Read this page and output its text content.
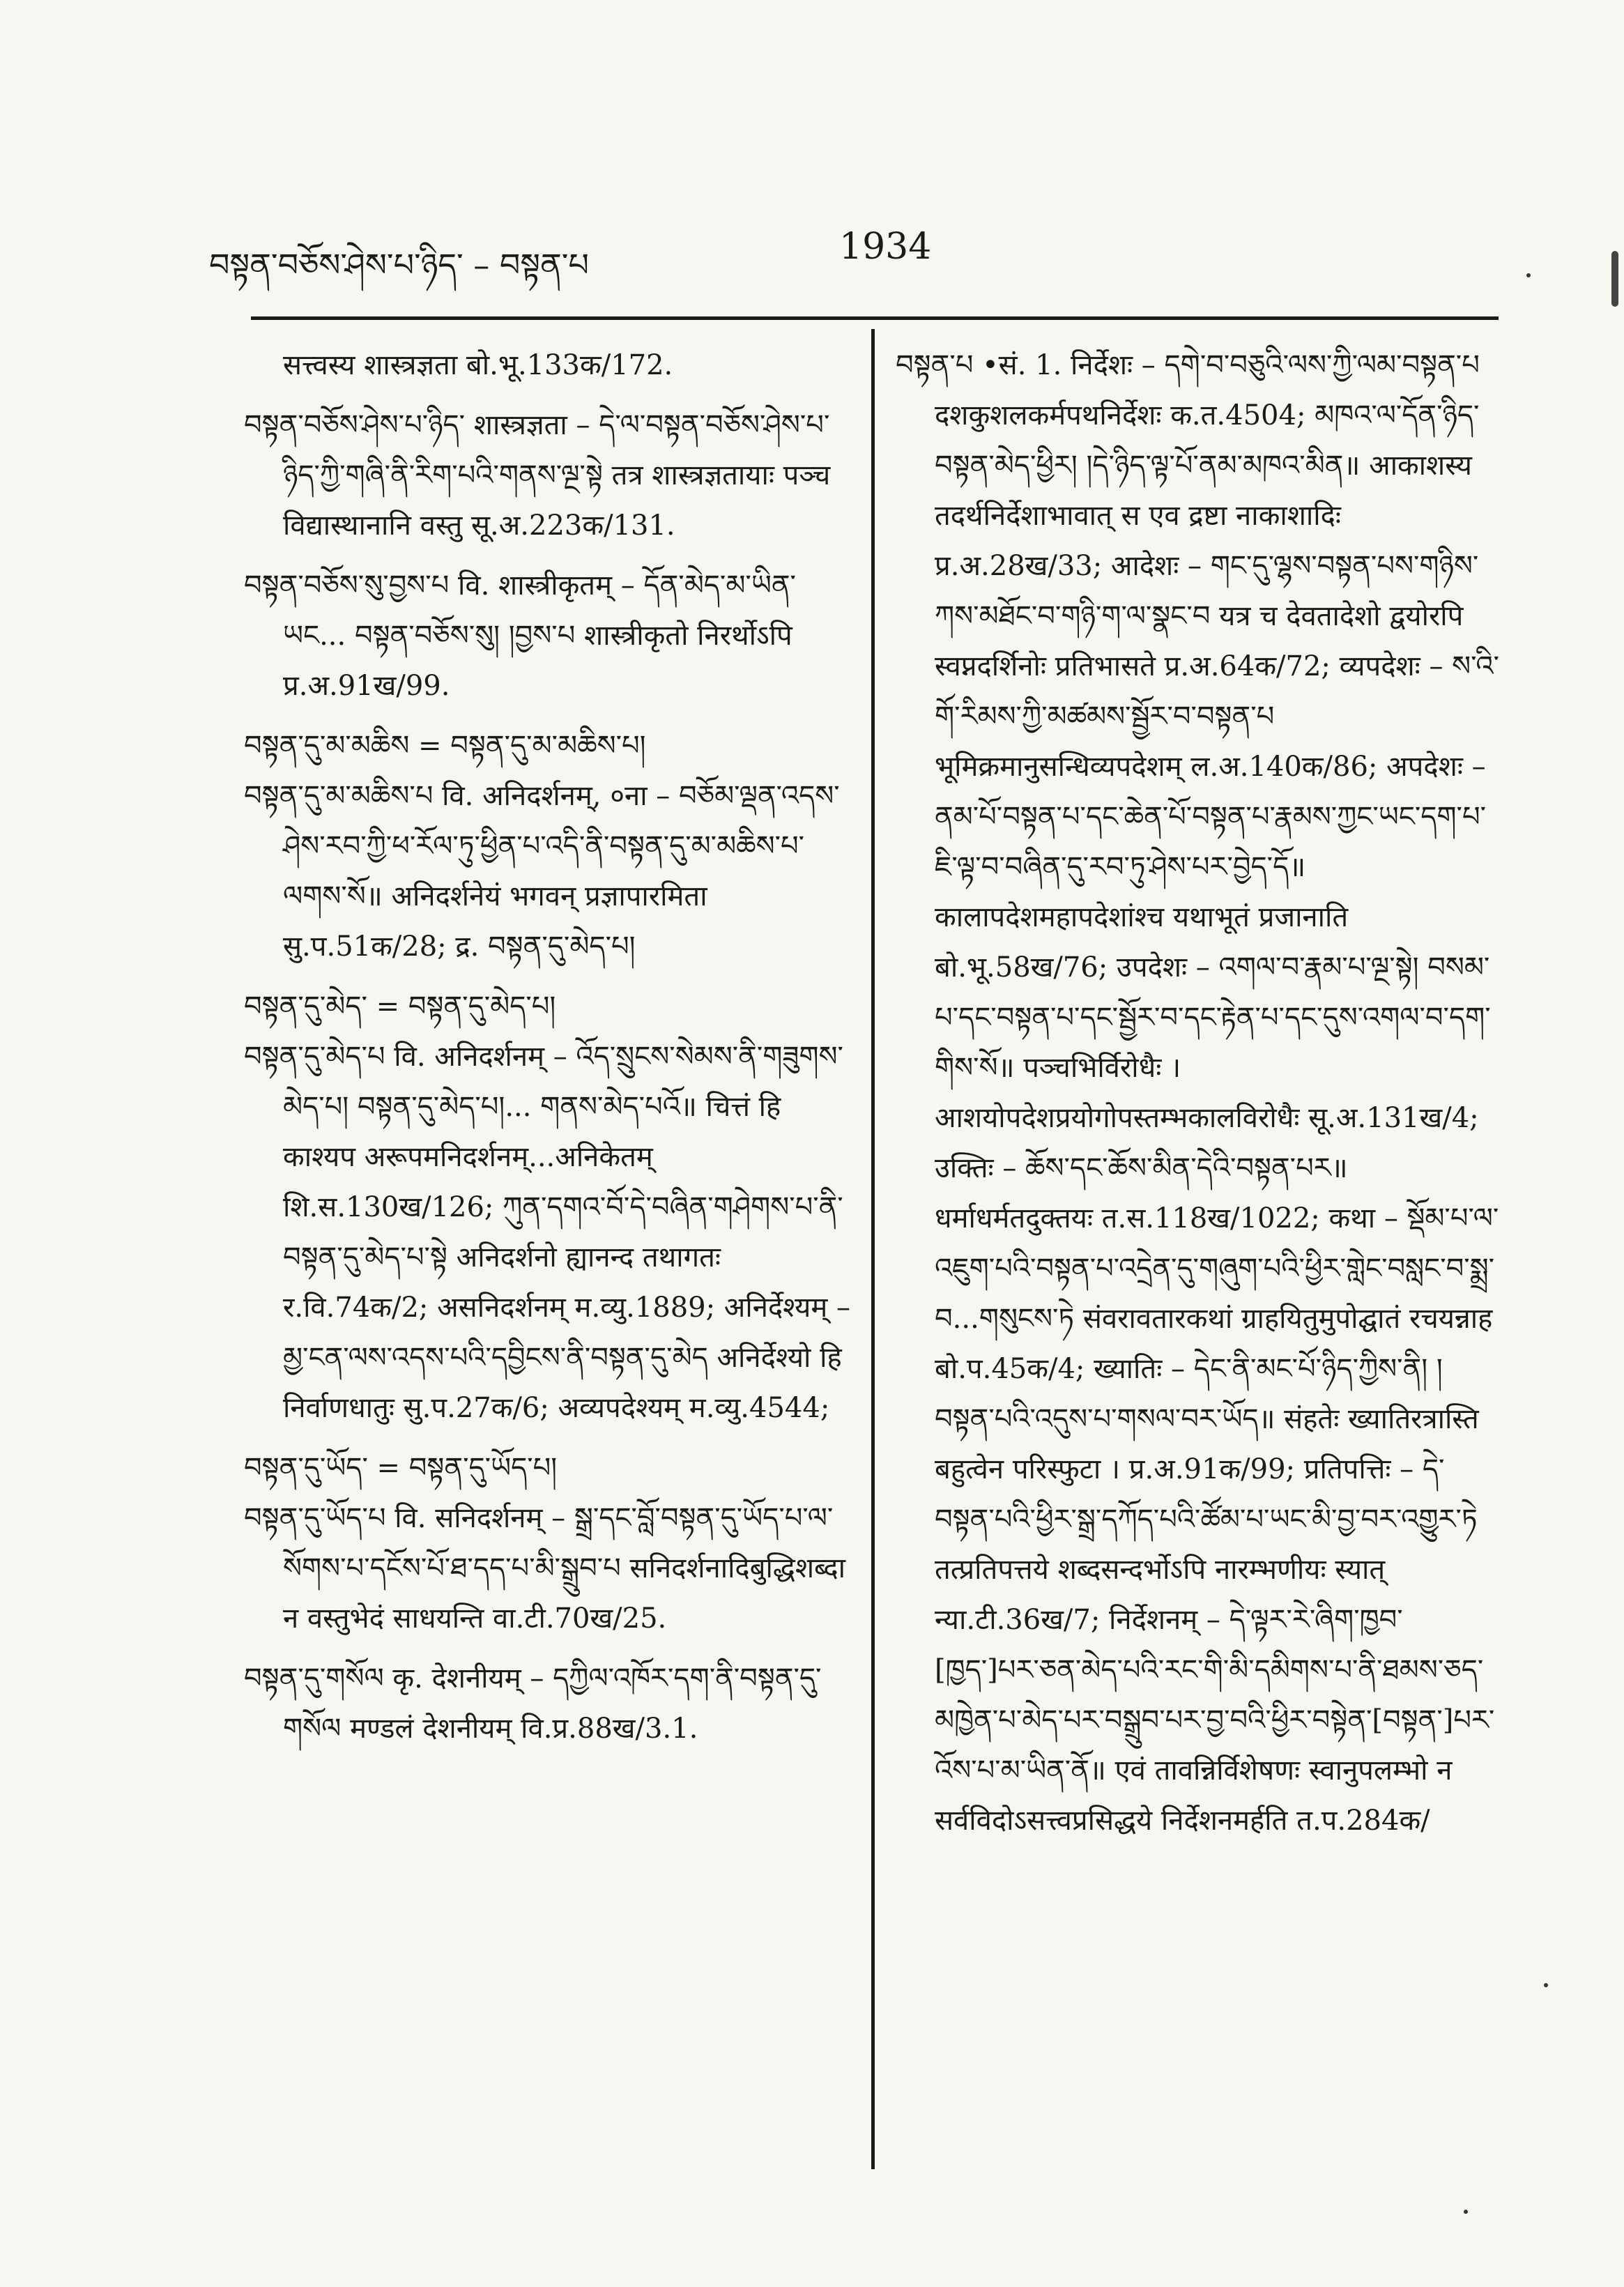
བསྟན་བཅོས་ཤེས་པ་ཉིད་ – བསྟན་པ	1934

सत्त्वस्य शास्त्रज्ञता बो.भू.133क/172.

བསྟན་བཅོས་ཤེས་པ་ཉིད་ शास्त्रज्ञता – དེ་ལ་བསྟན་བཅོས་ཤེས་པ་ཉིད་ཀྱི་གཞི་ནི་རིག་པའི་གནས་ལྔ་སྟེ तत्र शास्त्रज्ञतायाः पञ्च विद्यास्थानानि वस्तु सू.अ.223क/131.

བསྟན་བཅོས་སུ་བྱས་པ वि. शास्त्रीकृतम् – དོན་མེད་མ་ཡིན་ཡང... བསྟན་བཅོས་སུ། །བྱས་པ शास्त्रीकृतो निरर्थोऽपि प्र.अ.91ख/99.

བསྟན་དུ་མ་མཆིས = བསྟན་དུ་མ་མཆིས་པ།

བསྟན་དུ་མ་མཆིས་པ वि. अनिदर्शनम्, ०ना – བཅོམ་ལྡན་འདས་ཤེས་རབ་ཀྱི་ཕ་རོལ་ཏུ་ཕྱིན་པ་འདི་ནི་བསྟན་དུ་མ་མཆིས་པ་ལགས་སོ॥ अनिदर्शनेयं भगवन् प्रज्ञापारमिता सु.प.51क/28; द्र. བསྟན་དུ་མེད་པ།

བསྟན་དུ་མེད་ = བསྟན་དུ་མེད་པ།

བསྟན་དུ་མེད་པ वि. अनिदर्शनम् – འོད་སྲུངས་སེམས་ནི་གཟུགས་མེད་པ། བསྟན་དུ་མེད་པ།... གནས་མེད་པའོ॥ चित्तं हि काश्यप अरूपमनिदर्शनम्...अनिकेतम् शि.स.130ख/126; ཀུན་དགའ་བོ་དེ་བཞིན་གཤེགས་པ་ནི་བསྟན་དུ་མེད་པ་སྟེ अनिदर्शनो ह्यानन्द तथागतः र.वि.74क/2; असनिदर्शनम् म.व्यु.1889; अनिर्देश्यम् – མྱ་ངན་ལས་འདས་པའི་དབྱིངས་ནི་བསྟན་དུ་མེད अनिर्देश्यो हि निर्वाणधातुः सु.प.27क/6; अव्यपदेश्यम् म.व्यु.4544;

བསྟན་དུ་ཡོད་ = བསྟན་དུ་ཡོད་པ།

བསྟན་དུ་ཡོད་པ वि. सनिदर्शनम् – སྒྲ་དང་བློ་བསྟན་དུ་ཡོད་པ་ལ་སོགས་པ་དངོས་པོ་ཐ་དད་པ་མི་སྒྲུབ་པ सनिदर्शनादिबुद्धिशब्दा न वस्तुभेदं साधयन्ति वा.टी.70ख/25.

བསྟན་དུ་གསོལ कृ. देशनीयम् – དཀྱིལ་འཁོར་དག་ནི་བསྟན་དུ་གསོལ मण्डलं देशनीयम् वि.प्र.88ख/3.1.

བསྟན་པ •सं. 1. निर्देशः – དགེ་བ་བཅུའི་ལས་ཀྱི་ལམ་བསྟན་པ दशकुशलकर्मपथनिर्देशः क.त.4504; མཁའ་ལ་དོན་ཉིད་བསྟན་མེད་ཕྱིར། །དེ་ཉིད་ལྟ་པོ་ནམ་མཁའ་མིན॥ आकाशस्य तदर्थनिर्देशाभावात् स एव द्रष्टा नाकाशादिः प्र.अ.28ख/33; आदेशः – གང་དུ་ལྷས་བསྟན་པས་གཉིས་ཀས་མཐོང་བ་གཉི་ག་ལ་སྣང་བ यत्र च देवतादेशो द्वयोरपि स्वप्नदर्शिनोः प्रतिभासते प्र.अ.64क/72; व्यपदेशः – ས་འི་གོ་རིམས་ཀྱི་མཚམས་སྦྱོར་བ་བསྟན་པ भूमिक्रमानुसन्धिव्यपदेशम् ल.अ.140क/86; अपदेशः – ནམ་པོ་བསྟན་པ་དང་ཆེན་པོ་བསྟན་པ་རྣམས་ཀྱང་ཡང་དག་པ་ཇི་ལྟ་བ་བཞིན་དུ་རབ་ཏུ་ཤེས་པར་བྱེད་དོ॥ कालापदेशमहापदेशांश्च यथाभूतं प्रजानाति बो.भू.58ख/76; उपदेशः – འགལ་བ་རྣམ་པ་ལྔ་སྟེ། བསམ་པ་དང་བསྟན་པ་དང་སྦྱོར་བ་དང་རྟེན་པ་དང་དུས་འགལ་བ་དག་གིས་སོ॥ पञ्चभिर्विरोधैः । आशयोपदेशप्रयोगोपस्तम्भकालविरोधैः सू.अ.131ख/4; उक्तिः – ཆོས་དང་ཆོས་མིན་དེའི་བསྟན་པར॥ धर्माधर्मतदुक्तयः त.स.118ख/1022; कथा – སྡོམ་པ་ལ་འཇུག་པའི་བསྟན་པ་འདྲེན་དུ་གཞུག་པའི་ཕྱིར་གླེང་བསླང་བ་སྨྲ་བ...གསུངས་ཏེ संवरावतारकथां ग्राहयितुमुपोद्घातं रचयन्नाह बो.प.45क/4; ख्यातिः – དེང་ནི་མང་པོ་ཉིད་ཀྱིས་ནི། །བསྟན་པའི་འདུས་པ་གསལ་བར་ཡོད॥ संहतेः ख्यातिरत्रास्ति बहुत्वेन परिस्फुटा । प्र.अ.91क/99; प्रतिपत्तिः – དེ་བསྟན་པའི་ཕྱིར་སྒྲ་དཀོད་པའི་ཚོམ་པ་ཡང་མི་བྱ་བར་འགྱུར་ཏེ तत्प्रतिपत्तये शब्दसन्दर्भोऽपि नारम्भणीयः स्यात् न्या.टी.36ख/7; निर्देशनम् – དེ་ལྟར་རེ་ཞིག་ཁྱབ་[ཁྱད་]པར་ཅན་མེད་པའི་རང་གི་མི་དམིགས་པ་ནི་ཐམས་ཅད་མཁྱེན་པ་མེད་པར་བསྒྲུབ་པར་བྱ་བའི་ཕྱིར་བསྟེན་[བསྟན་]པར་འོས་པ་མ་ཡིན་ནོ॥ एवं तावन्निर्विशेषणः स्वानुपलम्भो न सर्वविदोऽसत्त्वप्रसिद्धये निर्देशनमर्हति त.प.284क/
